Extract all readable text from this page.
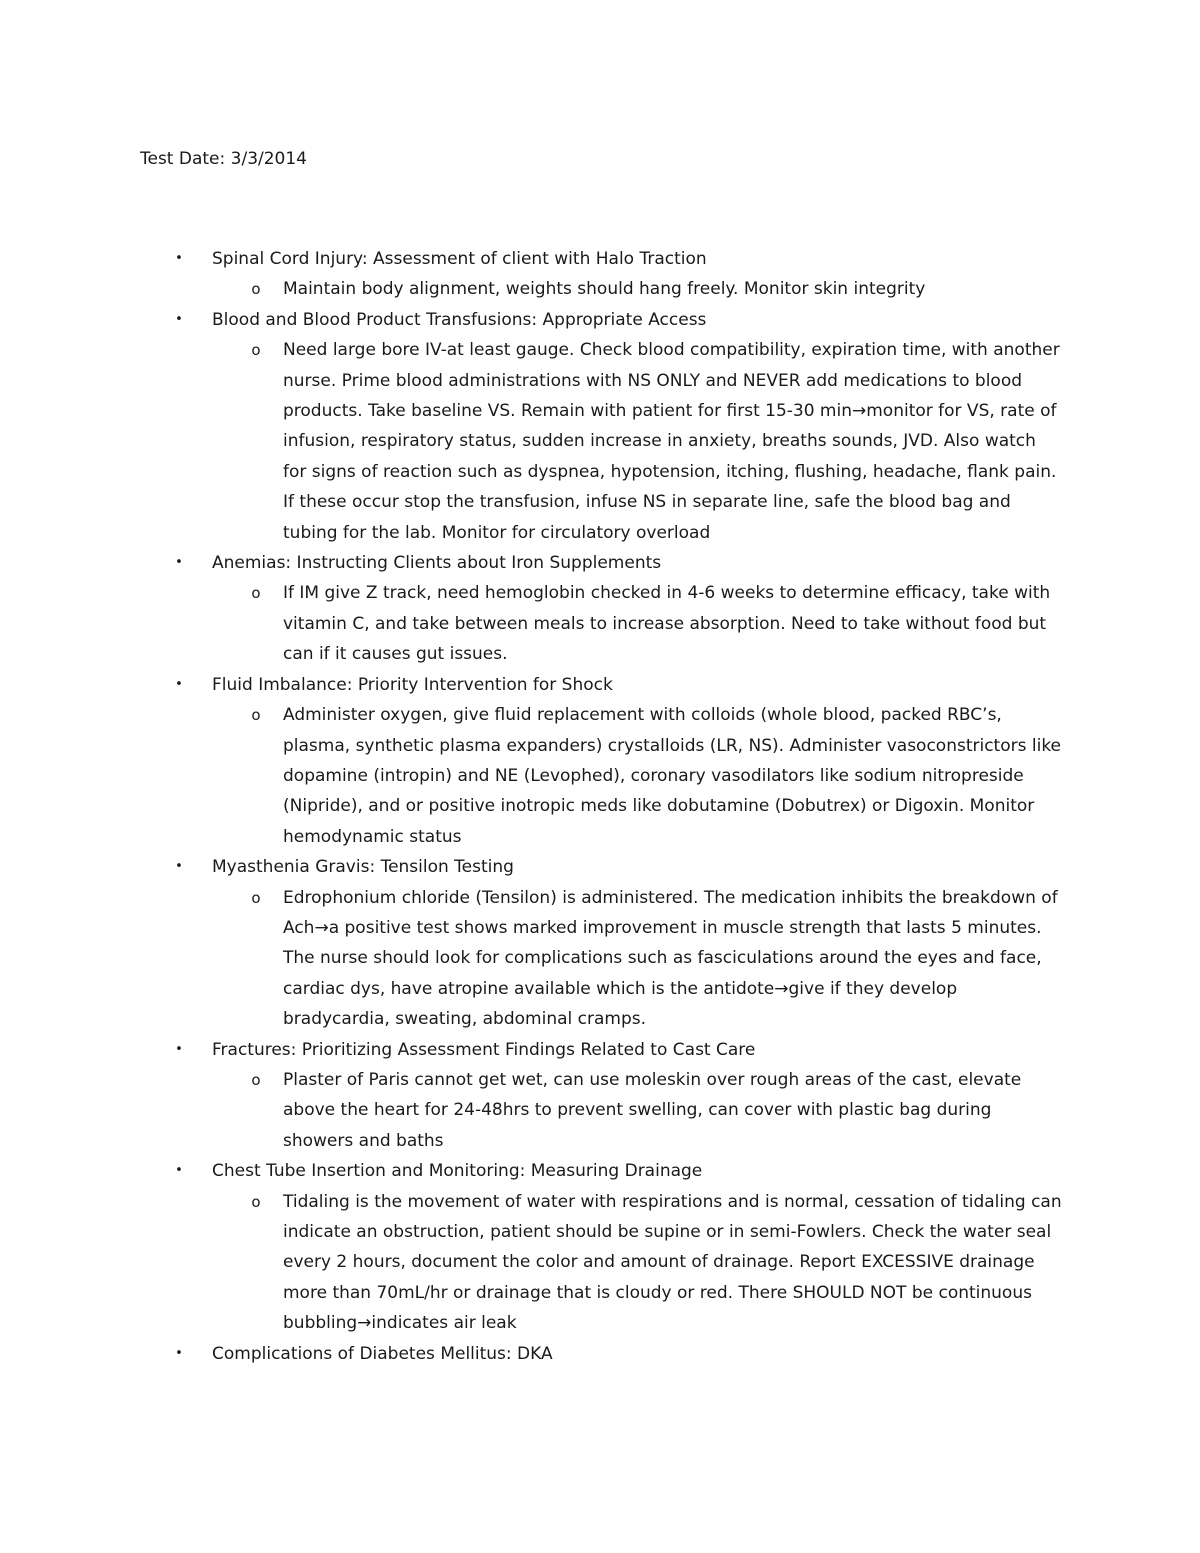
Test Date: 3/3/2014
• Spinal Cord Injury: Assessment of client with Halo Traction
o Maintain body alignment, weights should hang freely. Monitor skin integrity
• Blood and Blood Product Transfusions: Appropriate Access
o Need large bore IV-at least gauge. Check blood compatibility, expiration time, with another nurse. Prime blood administrations with NS ONLY and NEVER add medications to blood products. Take baseline VS. Remain with patient for first 15-30 min→monitor for VS, rate of infusion, respiratory status, sudden increase in anxiety, breaths sounds, JVD. Also watch for signs of reaction such as dyspnea, hypotension, itching, flushing, headache, flank pain. If these occur stop the transfusion, infuse NS in separate line, safe the blood bag and tubing for the lab. Monitor for circulatory overload
• Anemias: Instructing Clients about Iron Supplements
o If IM give Z track, need hemoglobin checked in 4-6 weeks to determine efficacy, take with vitamin C, and take between meals to increase absorption. Need to take without food but can if it causes gut issues.
• Fluid Imbalance: Priority Intervention for Shock
o Administer oxygen, give fluid replacement with colloids (whole blood, packed RBC’s, plasma, synthetic plasma expanders) crystalloids (LR, NS). Administer vasoconstrictors like dopamine (intropin) and NE (Levophed), coronary vasodilators like sodium nitropreside (Nipride), and or positive inotropic meds like dobutamine (Dobutrex) or Digoxin. Monitor hemodynamic status
• Myasthenia Gravis: Tensilon Testing
o Edrophonium chloride (Tensilon) is administered. The medication inhibits the breakdown of Ach→a positive test shows marked improvement in muscle strength that lasts 5 minutes. The nurse should look for complications such as fasciculations around the eyes and face, cardiac dys, have atropine available which is the antidote→give if they develop bradycardia, sweating, abdominal cramps.
• Fractures: Prioritizing Assessment Findings Related to Cast Care
o Plaster of Paris cannot get wet, can use moleskin over rough areas of the cast, elevate above the heart for 24-48hrs to prevent swelling, can cover with plastic bag during showers and baths
• Chest Tube Insertion and Monitoring: Measuring Drainage
o Tidaling is the movement of water with respirations and is normal, cessation of tidaling can indicate an obstruction, patient should be supine or in semi-Fowlers. Check the water seal every 2 hours, document the color and amount of drainage. Report EXCESSIVE drainage more than 70mL/hr or drainage that is cloudy or red. There SHOULD NOT be continuous bubbling→indicates air leak
• Complications of Diabetes Mellitus: DKA
